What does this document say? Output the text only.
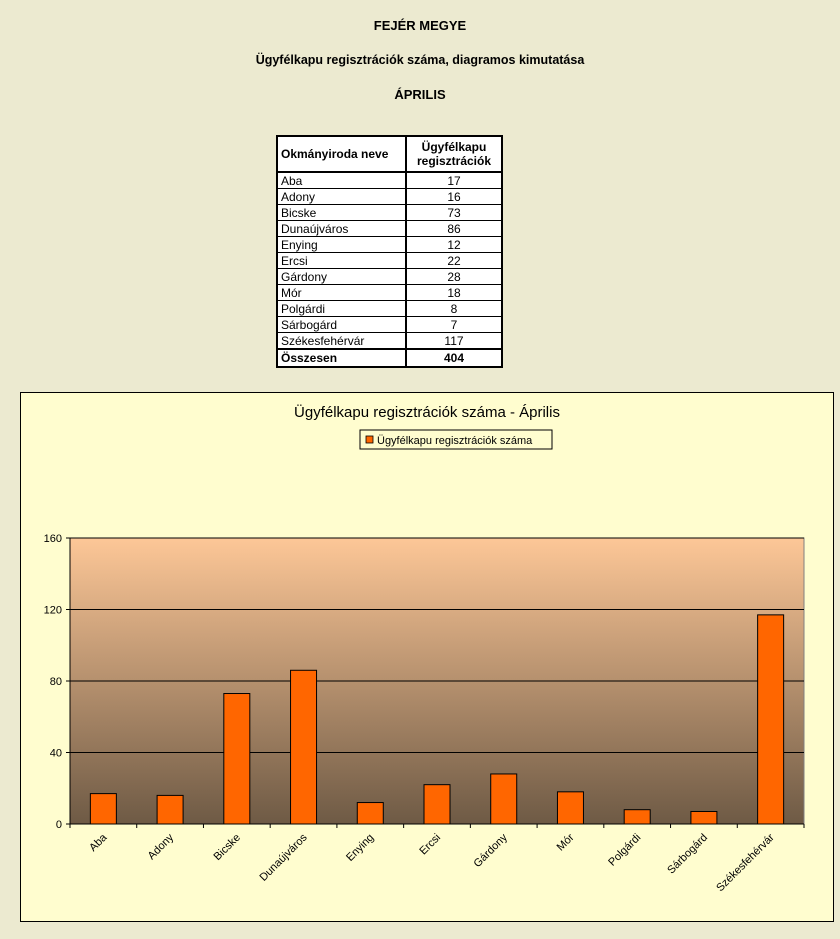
FEJÉR MEGYE
Ügyfélkapu regisztrációk száma, diagramos kimutatása
ÁPRILIS
Okmányiroda neve	Ügyfélkapu
regisztrációk
Aba	17
Adony	16
Bicske	73
Dunaújváros	86
Enying	12
Ercsi	22
Gárdony	28
Mór	18
Polgárdi	8
Sárbogárd	7
Székesfehérvár	117
Összesen	404
Ügyfélkapu regisztrációk száma - Április
Ügyfélkapu regisztrációk száma
0
40
80
120
160
Aba	Adony	Bicske Dunaújváros	Enying	Ercsi	Gárdony	Mór	Polgárdi Sárbogárd Székesfehérvár
